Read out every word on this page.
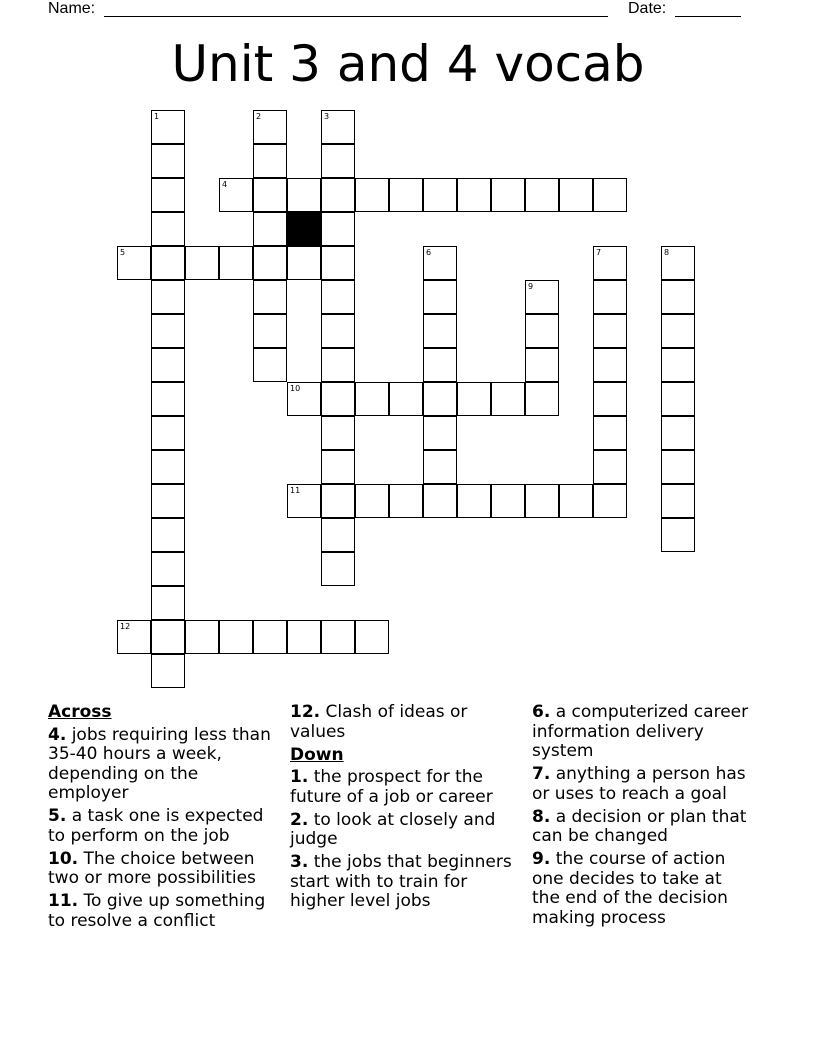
Name:	Date:
Unit 3 and 4 vocab
1	2	3
4
5	6	7	8
9
10
11
12
Across
4. jobs requiring less than 35-40 hours a week, depending on the employer
5. a task one is expected to perform on the job
10. The choice between two or more possibilities
11. To give up something to resolve a conflict
12. Clash of ideas or values
Down
1. the prospect for the future of a job or career
2. to look at closely and judge
3. the jobs that beginners start with to train for higher level jobs
6. a computerized career information delivery system
7. anything a person has or uses to reach a goal
8. a decision or plan that can be changed
9. the course of action one decides to take at the end of the decision making process
